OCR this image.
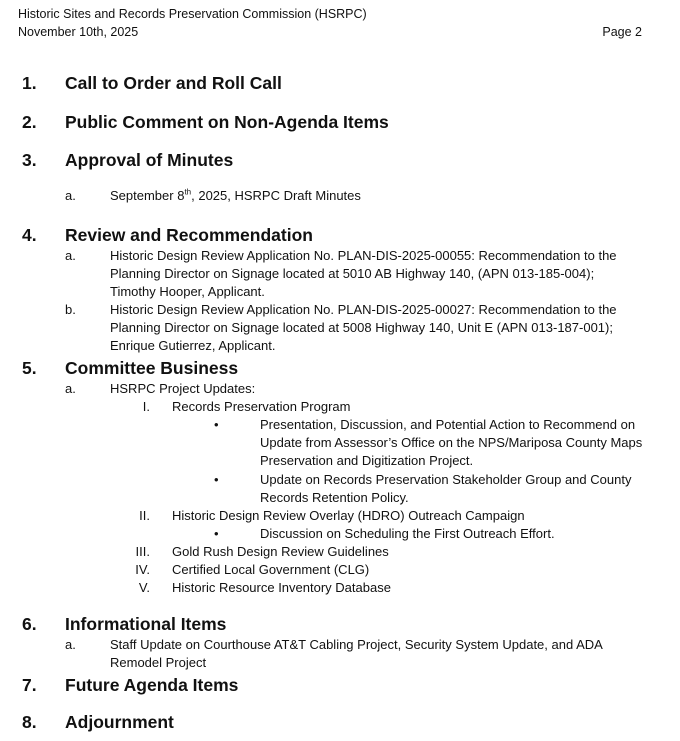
Historic Sites and Records Preservation Commission (HSRPC)
November 10th, 2025	Page 2
1. Call to Order and Roll Call
2. Public Comment on Non-Agenda Items
3. Approval of Minutes
a.	September 8th, 2025, HSRPC Draft Minutes
4. Review and Recommendation
a.	Historic Design Review Application No. PLAN-DIS-2025-00055: Recommendation to the
Planning Director on Signage located at 5010 AB Highway 140, (APN 013-185-004);
Timothy Hooper, Applicant.
b.	Historic Design Review Application No. PLAN-DIS-2025-00027: Recommendation to the
Planning Director on Signage located at 5008 Highway 140, Unit E (APN 013-187-001);
Enrique Gutierrez, Applicant.
5. Committee Business
a.	HSRPC Project Updates:
I. Records Preservation Program
•	Presentation, Discussion, and Potential Action to Recommend on
Update from Assessor’s Office on the NPS/Mariposa County Maps
Preservation and Digitization Project.
•	Update on Records Preservation Stakeholder Group and County
Records Retention Policy.
II. Historic Design Review Overlay (HDRO) Outreach Campaign
•	Discussion on Scheduling the First Outreach Effort.
III. Gold Rush Design Review Guidelines
IV. Certified Local Government (CLG)
V. Historic Resource Inventory Database
6. Informational Items
a.	Staff Update on Courthouse AT&T Cabling Project, Security System Update, and ADA
Remodel Project
7. Future Agenda Items
8. Adjournment
